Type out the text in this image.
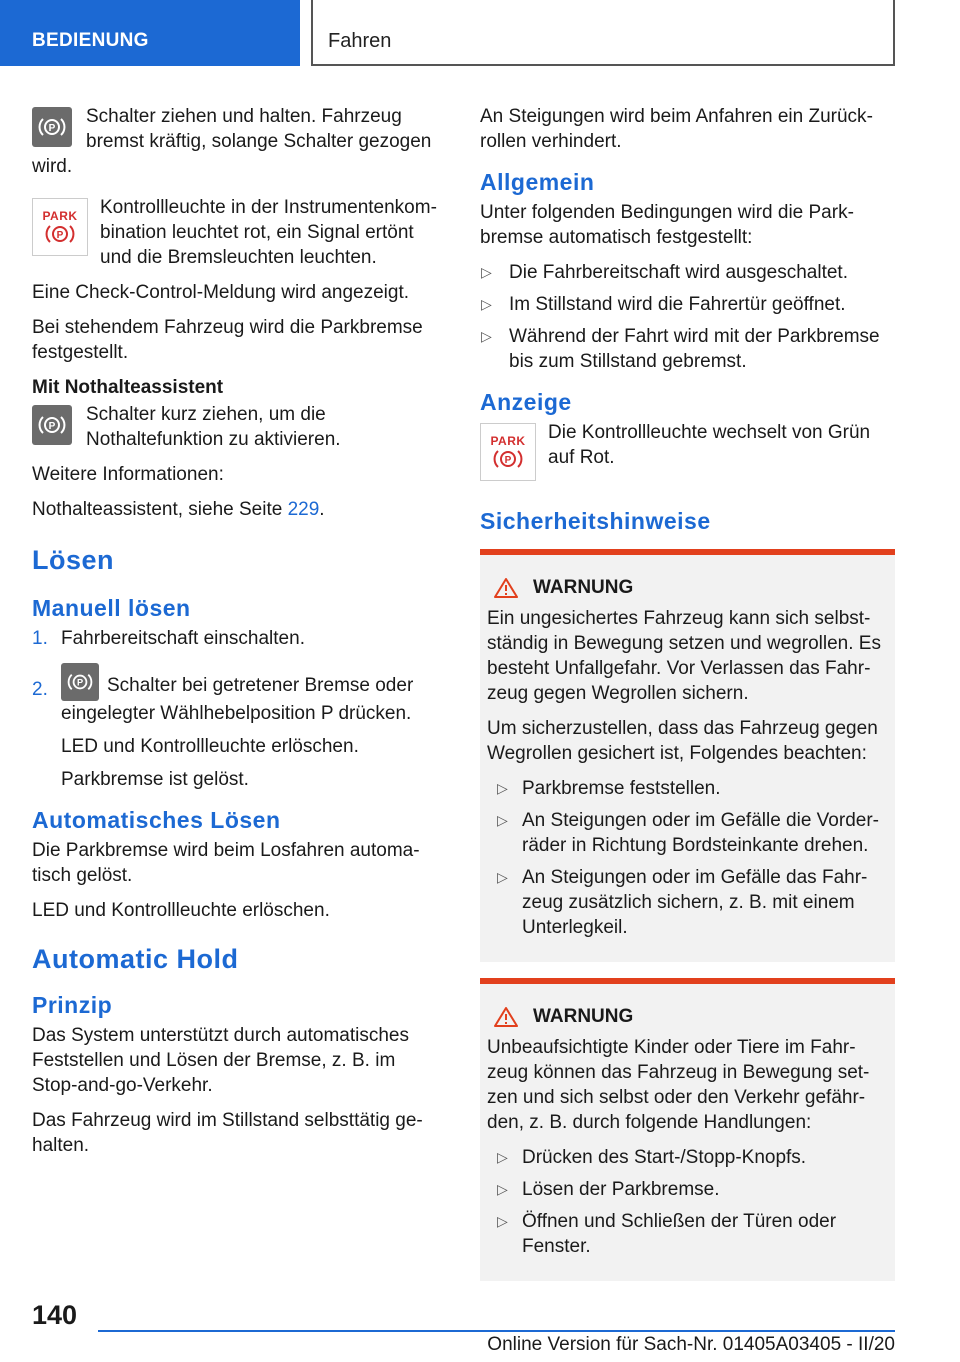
BEDIENUNG	Fahren
P
Schalter ziehen und halten. Fahrzeug bremst kräftig, solange Schalter gezogen wird.
PARK
P
Kontrollleuchte in der Instrumentenkombination leuchtet rot, ein Signal ertönt und die Bremsleuchten leuchten.

Eine Check-Control-Meldung wird angezeigt.

Bei stehendem Fahrzeug wird die Parkbremse festgestellt.

Mit Nothalteassistent
P
Schalter kurz ziehen, um die Nothaltefunktion zu aktivieren.

Weitere Informationen:

Nothalteassistent, siehe Seite 229.

Lösen
Manuell lösen
1. Fahrbereitschaft einschalten.
2.	P Schalter bei getretener Bremse oder eingelegter Wählhebelposition P drücken.
LED und Kontrollleuchte erlöschen.
Parkbremse ist gelöst.
Automatisches Lösen

Die Parkbremse wird beim Losfahren automatisch gelöst.

LED und Kontrollleuchte erlöschen.

Automatic Hold
Prinzip

Das System unterstützt durch automatisches Feststellen und Lösen der Bremse, z. B. im Stop-and-go-Verkehr.

Das Fahrzeug wird im Stillstand selbsttätig gehalten.

An Steigungen wird beim Anfahren ein Zurückrollen verhindert.

Allgemein

Unter folgenden Bedingungen wird die Parkbremse automatisch festgestellt:

▷ Die Fahrbereitschaft wird ausgeschaltet.
▷ Im Stillstand wird die Fahrertür geöffnet.
▷ Während der Fahrt wird mit der Parkbremse bis zum Stillstand gebremst.
Anzeige
PARK
P
Die Kontrollleuchte wechselt von Grün auf Rot.
Sicherheitshinweise
WARNUNG

Ein ungesichertes Fahrzeug kann sich selbstständig in Bewegung setzen und wegrollen. Es besteht Unfallgefahr. Vor Verlassen das Fahrzeug gegen Wegrollen sichern.

Um sicherzustellen, dass das Fahrzeug gegen Wegrollen gesichert ist, Folgendes beachten:

▷ Parkbremse feststellen.
▷ An Steigungen oder im Gefälle die Vorderräder in Richtung Bordsteinkante drehen.
▷ An Steigungen oder im Gefälle das Fahrzeug zusätzlich sichern, z. B. mit einem Unterlegkeil.
WARNUNG

Unbeaufsichtigte Kinder oder Tiere im Fahrzeug können das Fahrzeug in Bewegung setzen und sich selbst oder den Verkehr gefährden, z. B. durch folgende Handlungen:

▷ Drücken des Start-/Stopp-Knopfs.
▷ Lösen der Parkbremse.
▷ Öffnen und Schließen der Türen oder Fenster.
140
Online Version für Sach-Nr. 01405A03405 - II/20
